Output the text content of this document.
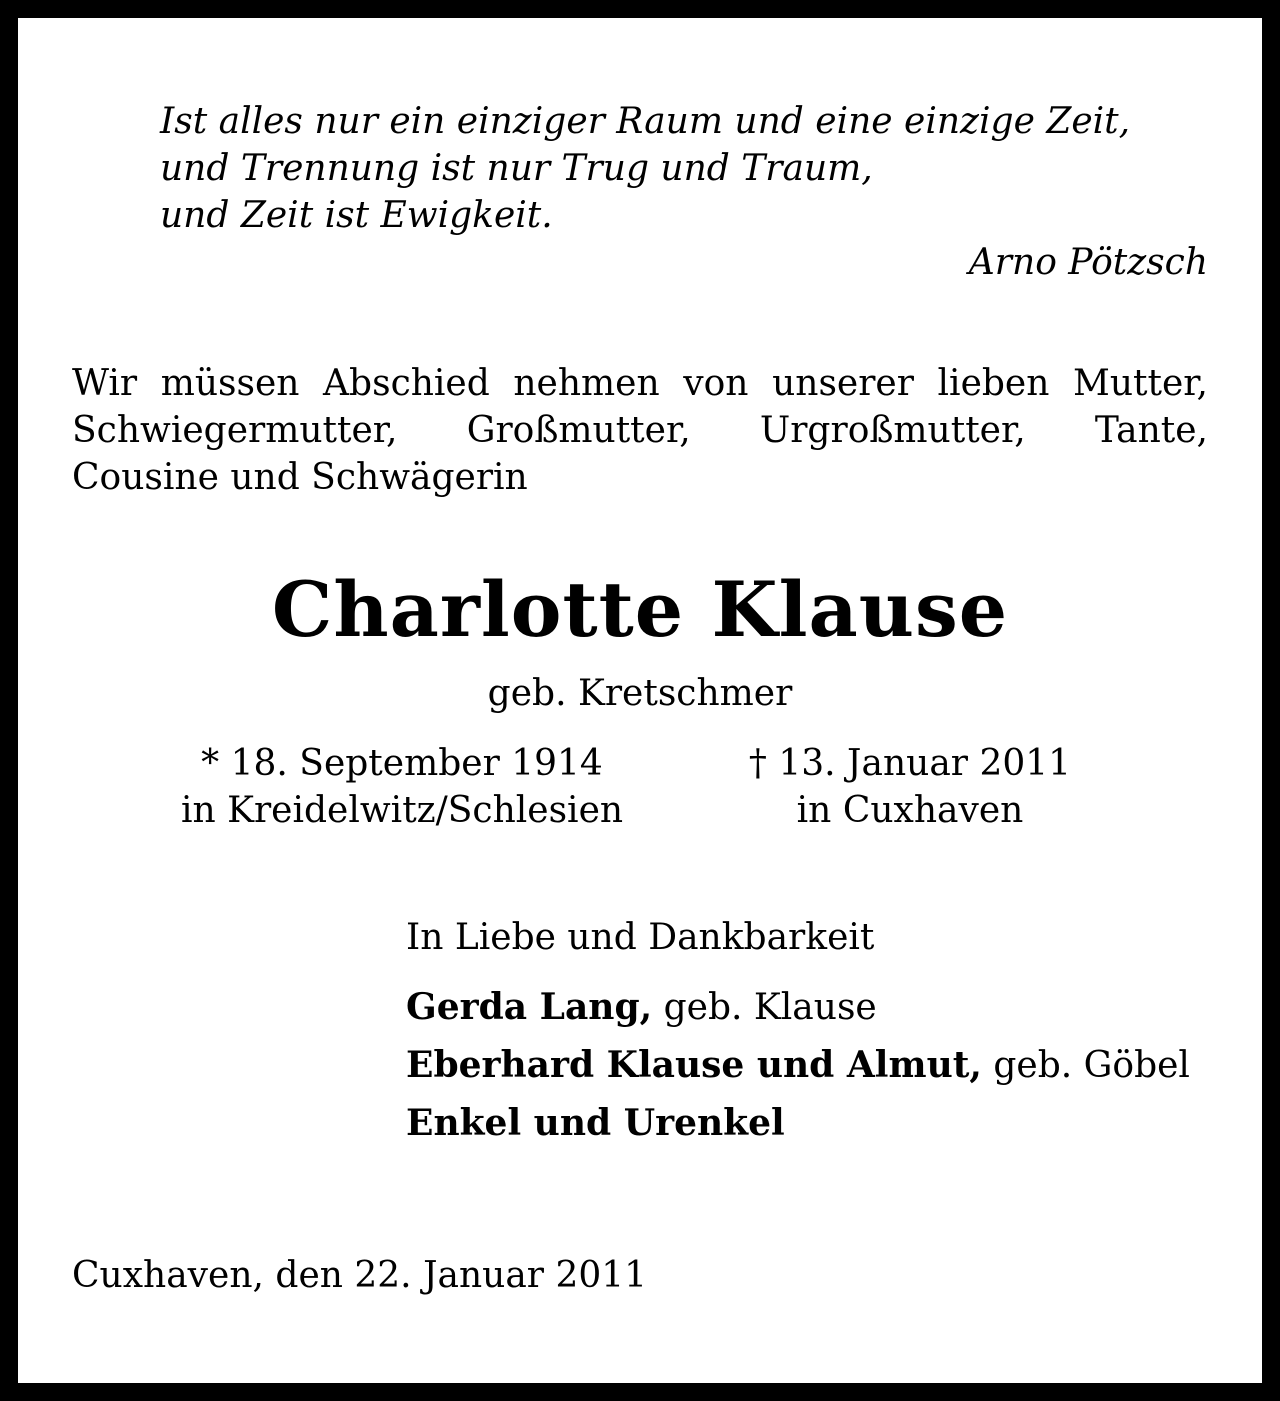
Ist alles nur ein einziger Raum und eine einzige Zeit,
und Trennung ist nur Trug und Traum,
und Zeit ist Ewigkeit.
Arno Pötzsch
Wir müssen Abschied nehmen von unserer lieben Mutter,
Schwiegermutter, Großmutter, Urgroßmutter, Tante,
Cousine und Schwägerin
Charlotte Klause
geb. Kretschmer
* 18. September 1914
in Kreidelwitz/Schlesien
† 13. Januar 2011
in Cuxhaven
In Liebe und Dankbarkeit
Gerda Lang, geb. Klause
Eberhard Klause und Almut, geb. Göbel
Enkel und Urenkel
Cuxhaven, den 22. Januar 2011
